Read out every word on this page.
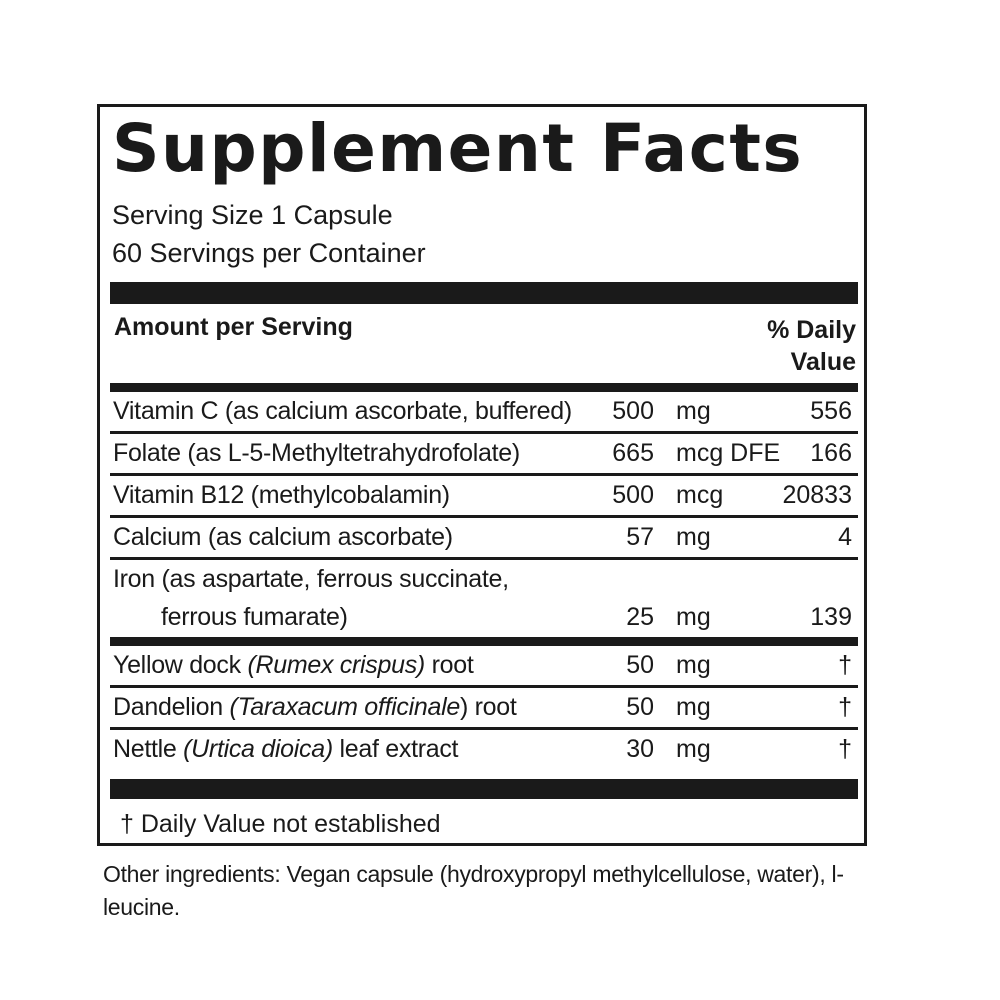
Supplement Facts
Serving Size 1 Capsule
60 Servings per Container
Amount per Serving	% Daily
Value
Vitamin C (as calcium ascorbate, buffered) 500 mg	556
Folate (as L-5-Methyltetrahydrofolate)	665 mcg DFE 166
Vitamin B12 (methylcobalamin)	500 mcg 20833
Calcium (as calcium ascorbate)	57 mg	4
Iron (as aspartate, ferrous succinate,
ferrous fumarate)	25 mg	139
Yellow dock (Rumex crispus) root	50 mg	†
Dandelion (Taraxacum officinale) root	50 mg	†
Nettle (Urtica dioica) leaf extract	30 mg	†
† Daily Value not established
Other ingredients: Vegan capsule (hydroxypropyl methylcellulose, water), l-leucine.
